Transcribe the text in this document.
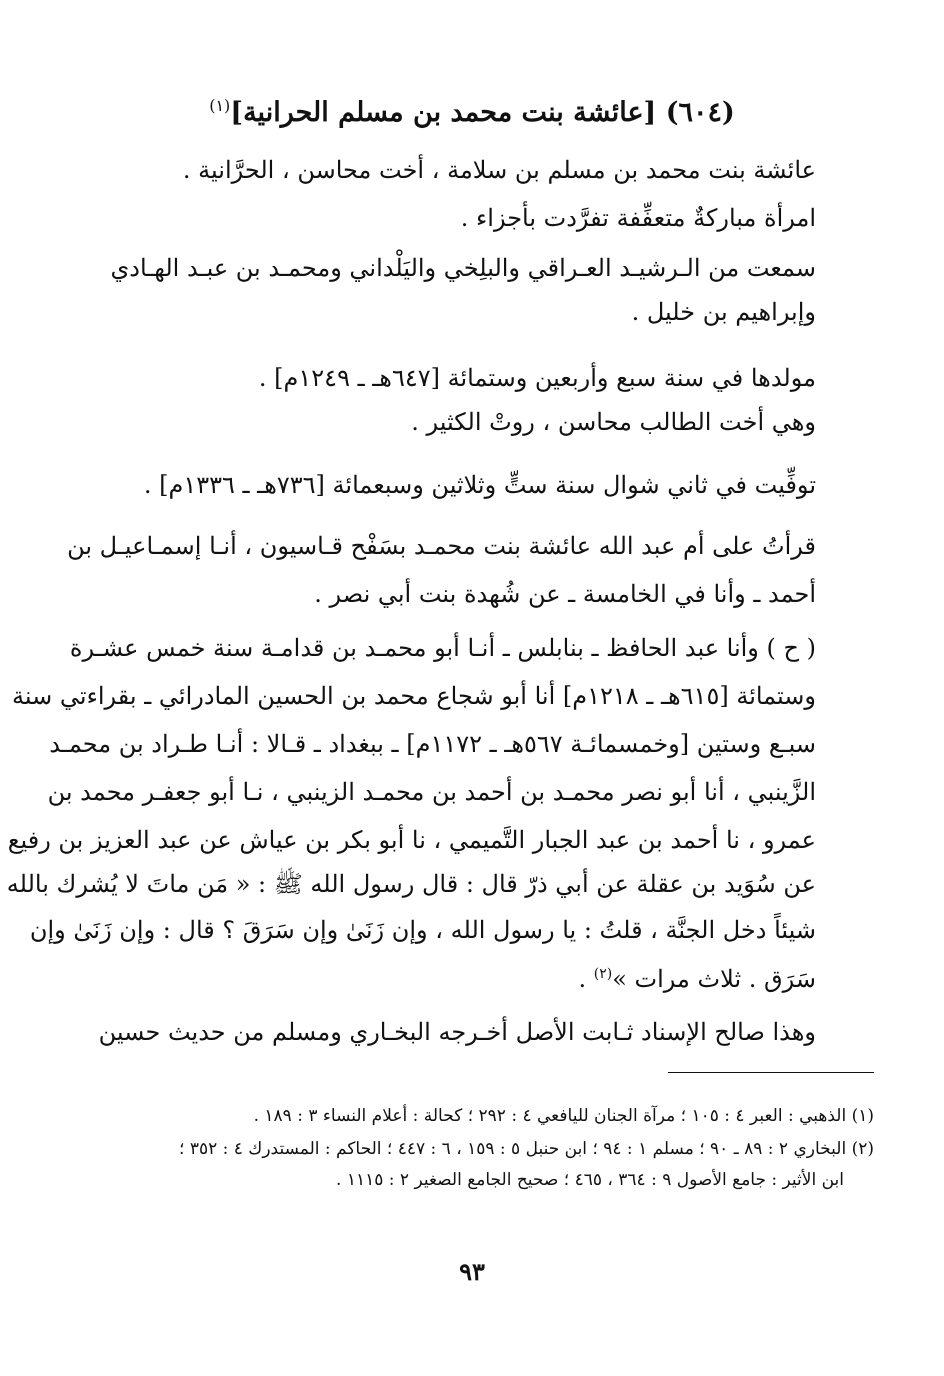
(٦٠٤) [عائشة بنت محمد بن مسلم الحرانية]$^{(١)}$
عائشة بنت محمد بن مسلم بن سلامة ، أخت محاسن ، الحرَّانية .
امرأة مباركةٌ متعفِّفة تفرَّدت بأجزاء .
سمعت من الـرشيـد العـراقي والبلِخي واليَلْداني ومحمـد بن عبـد الهـادي
وإبراهيم بن خليل .
مولدها في سنة سبع وأربعين وستمائة [٦٤٧هـ ـ ١٢٤٩م] .
وهي أخت الطالب محاسن ، روتْ الكثير .
توفِّيت في ثاني شوال سنة ستٍّ وثلاثين وسبعمائة [٧٣٦هـ ـ ١٣٣٦م] .
قرأتُ على أم عبد الله عائشة بنت محمـد بسَفْح قـاسيون ، أنـا إسمـاعيـل بن
أحمد ـ وأنا في الخامسة ـ عن شُهدة بنت أبي نصر .
( ح ) وأنا عبد الحافظ ـ بنابلس ـ أنـا أبو محمـد بن قدامـة سنة خمس عشـرة
وستمائة [٦١٥هـ ـ ١٢١٨م] أنا أبو شجاع محمد بن الحسين المادرائي ـ بقراءتي سنة
سبـع وستين [وخمسمائـة ٥٦٧هـ ـ ١١٧٢م] ـ ببغداد ـ قـالا : أنـا طـراد بن محمـد
الزَّينبي ، أنا أبو نصر محمـد بن أحمد بن محمـد الزينبي ، نـا أبو جعفـر محمد بن
عمرو ، نا أحمد بن عبد الجبار التَّميمي ، نا أبو بكر بن عياش عن عبد العزيز بن رفيع
عن سُوَيد بن عقلة عن أبي ذرّ قال : قال رسول الله ﷺ : « مَن ماتَ لا يُشرك بالله
شيئاً دخل الجنَّة ، قلتُ : يا رسول الله ، وإن زَنَىٰ وإن سَرَقَ ؟ قال : وإن زَنَىٰ وإن
سَرَق . ثلاث مرات »$^{(٢)}$ .
وهذا صالح الإسناد ثـابت الأصل أخـرجه البخـاري ومسلم من حديث حسين
(١) الذهبي : العبر ٤ : ١٠٥ ؛ مرآة الجنان لليافعي ٤ : ٢٩٢ ؛ كحالة : أعلام النساء ٣ : ١٨٩ .
(٢) البخاري ٢ : ٨٩ ـ ٩٠ ؛ مسلم ١ : ٩٤ ؛ ابن حنبل ٥ : ١٥٩ ، ٦ : ٤٤٧ ؛ الحاكم : المستدرك ٤ : ٣٥٢ ؛
ابن الأثير : جامع الأصول ٩ : ٣٦٤ ، ٤٦٥ ؛ صحيح الجامع الصغير ٢ : ١١١٥ .
٩٣
